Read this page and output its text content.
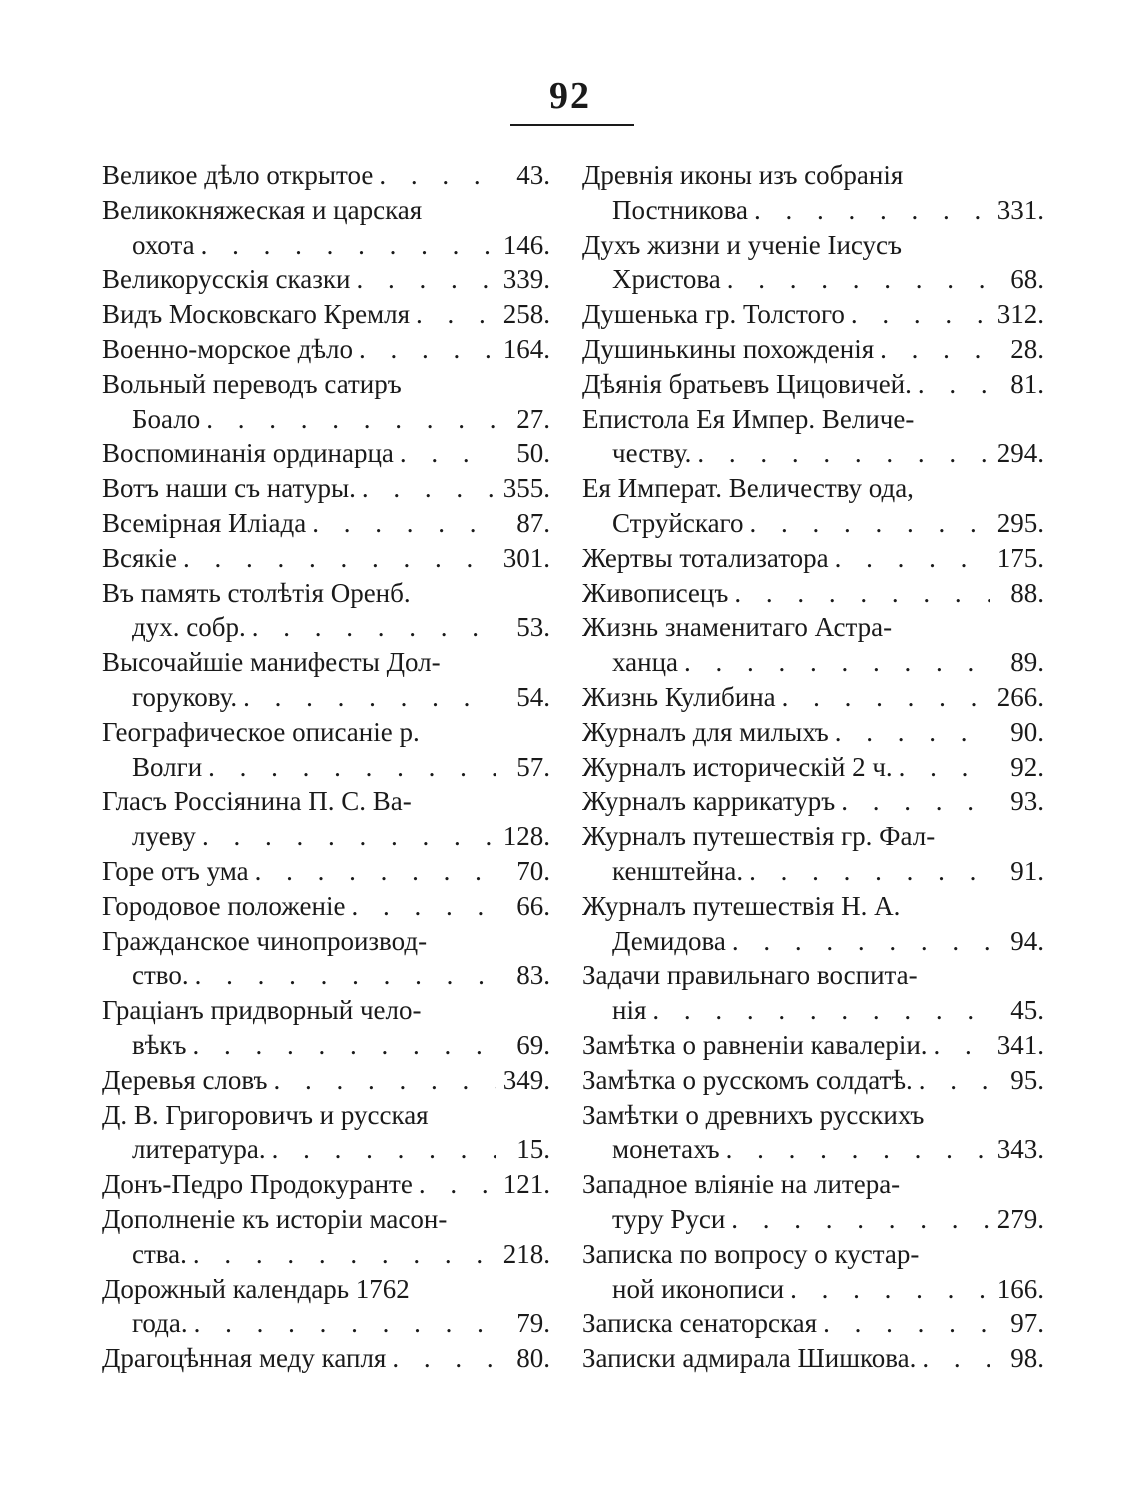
92
Великое дѣло открытое . . .	43.
Великокняжеская и царская
охота . . .	146.
Великорусскія сказки . . .	339.
Видъ Московскаго Кремля . . .	258.
Военно-морское дѣло . . .	164.
Вольный переводъ сатиръ
Боало . . .	27.
Воспоминанія ординарца . . .	50.
Вотъ наши съ натуры. . . .	355.
Всемірная Иліада . . .	87.
Всякіе . . .	301.
Въ память столѣтія Оренб.
дух. собр. . . .	53.
Высочайшіе манифесты Дол-
горукову. . . .	54.
Географическое описаніе р.
Волги . . .	57.
Гласъ Россіянина П. С. Ва-
луеву . . .	128.
Горе отъ ума . . .	70.
Городовое положеніе . . .	66.
Гражданское чинопроизвод-
ство. . . .	83.
Граціанъ придворный чело-
вѣкъ . . .	69.
Деревья словъ . . .	349.
Д. В. Григоровичъ и русская
литература. . . .	15.
Донъ-Педро Продокуранте . . .	121.
Дополненіе къ исторіи масон-
ства. . . .	218.
Дорожный календарь 1762
года. . . .	79.
Драгоцѣнная меду капля . . .	80.
Древнія иконы изъ собранія
Постникова . . .	331.
Духъ жизни и ученіе Іисусъ
Христова . . .	68.
Душенька гр. Толстого . . .	312.
Душинькины похожденія . . .	28.
Дѣянія братьевъ Цицовичей. . . .	81.
Епистола Ея Импер. Величе-
честву. . . .	294.
Ея Императ. Величеству ода,
Струйскаго . . .	295.
Жертвы тотализатора . . .	175.
Живописецъ . . .	88.
Жизнь знаменитаго Астра-
ханца . . .	89.
Жизнь Кулибина . . .	266.
Журналъ для милыхъ . . .	90.
Журналъ историческій 2 ч. . . .	92.
Журналъ каррикатуръ . . .	93.
Журналъ путешествія гр. Фал-
кенштейна. . . .	91.
Журналъ путешествія Н. А.
Демидова . . .	94.
Задачи правильнаго воспита-
нія . . .	45.
Замѣтка о равненіи кавалеріи. . . .	341.
Замѣтка о русскомъ солдатѣ. . . .	95.
Замѣтки о древнихъ русскихъ
монетахъ . . .	343.
Западное вліяніе на литера-
туру Руси . . .	279.
Записка по вопросу о кустар-
ной иконописи . . .	166.
Записка сенаторская . . .	97.
Записки адмирала Шишкова. . . .	98.
